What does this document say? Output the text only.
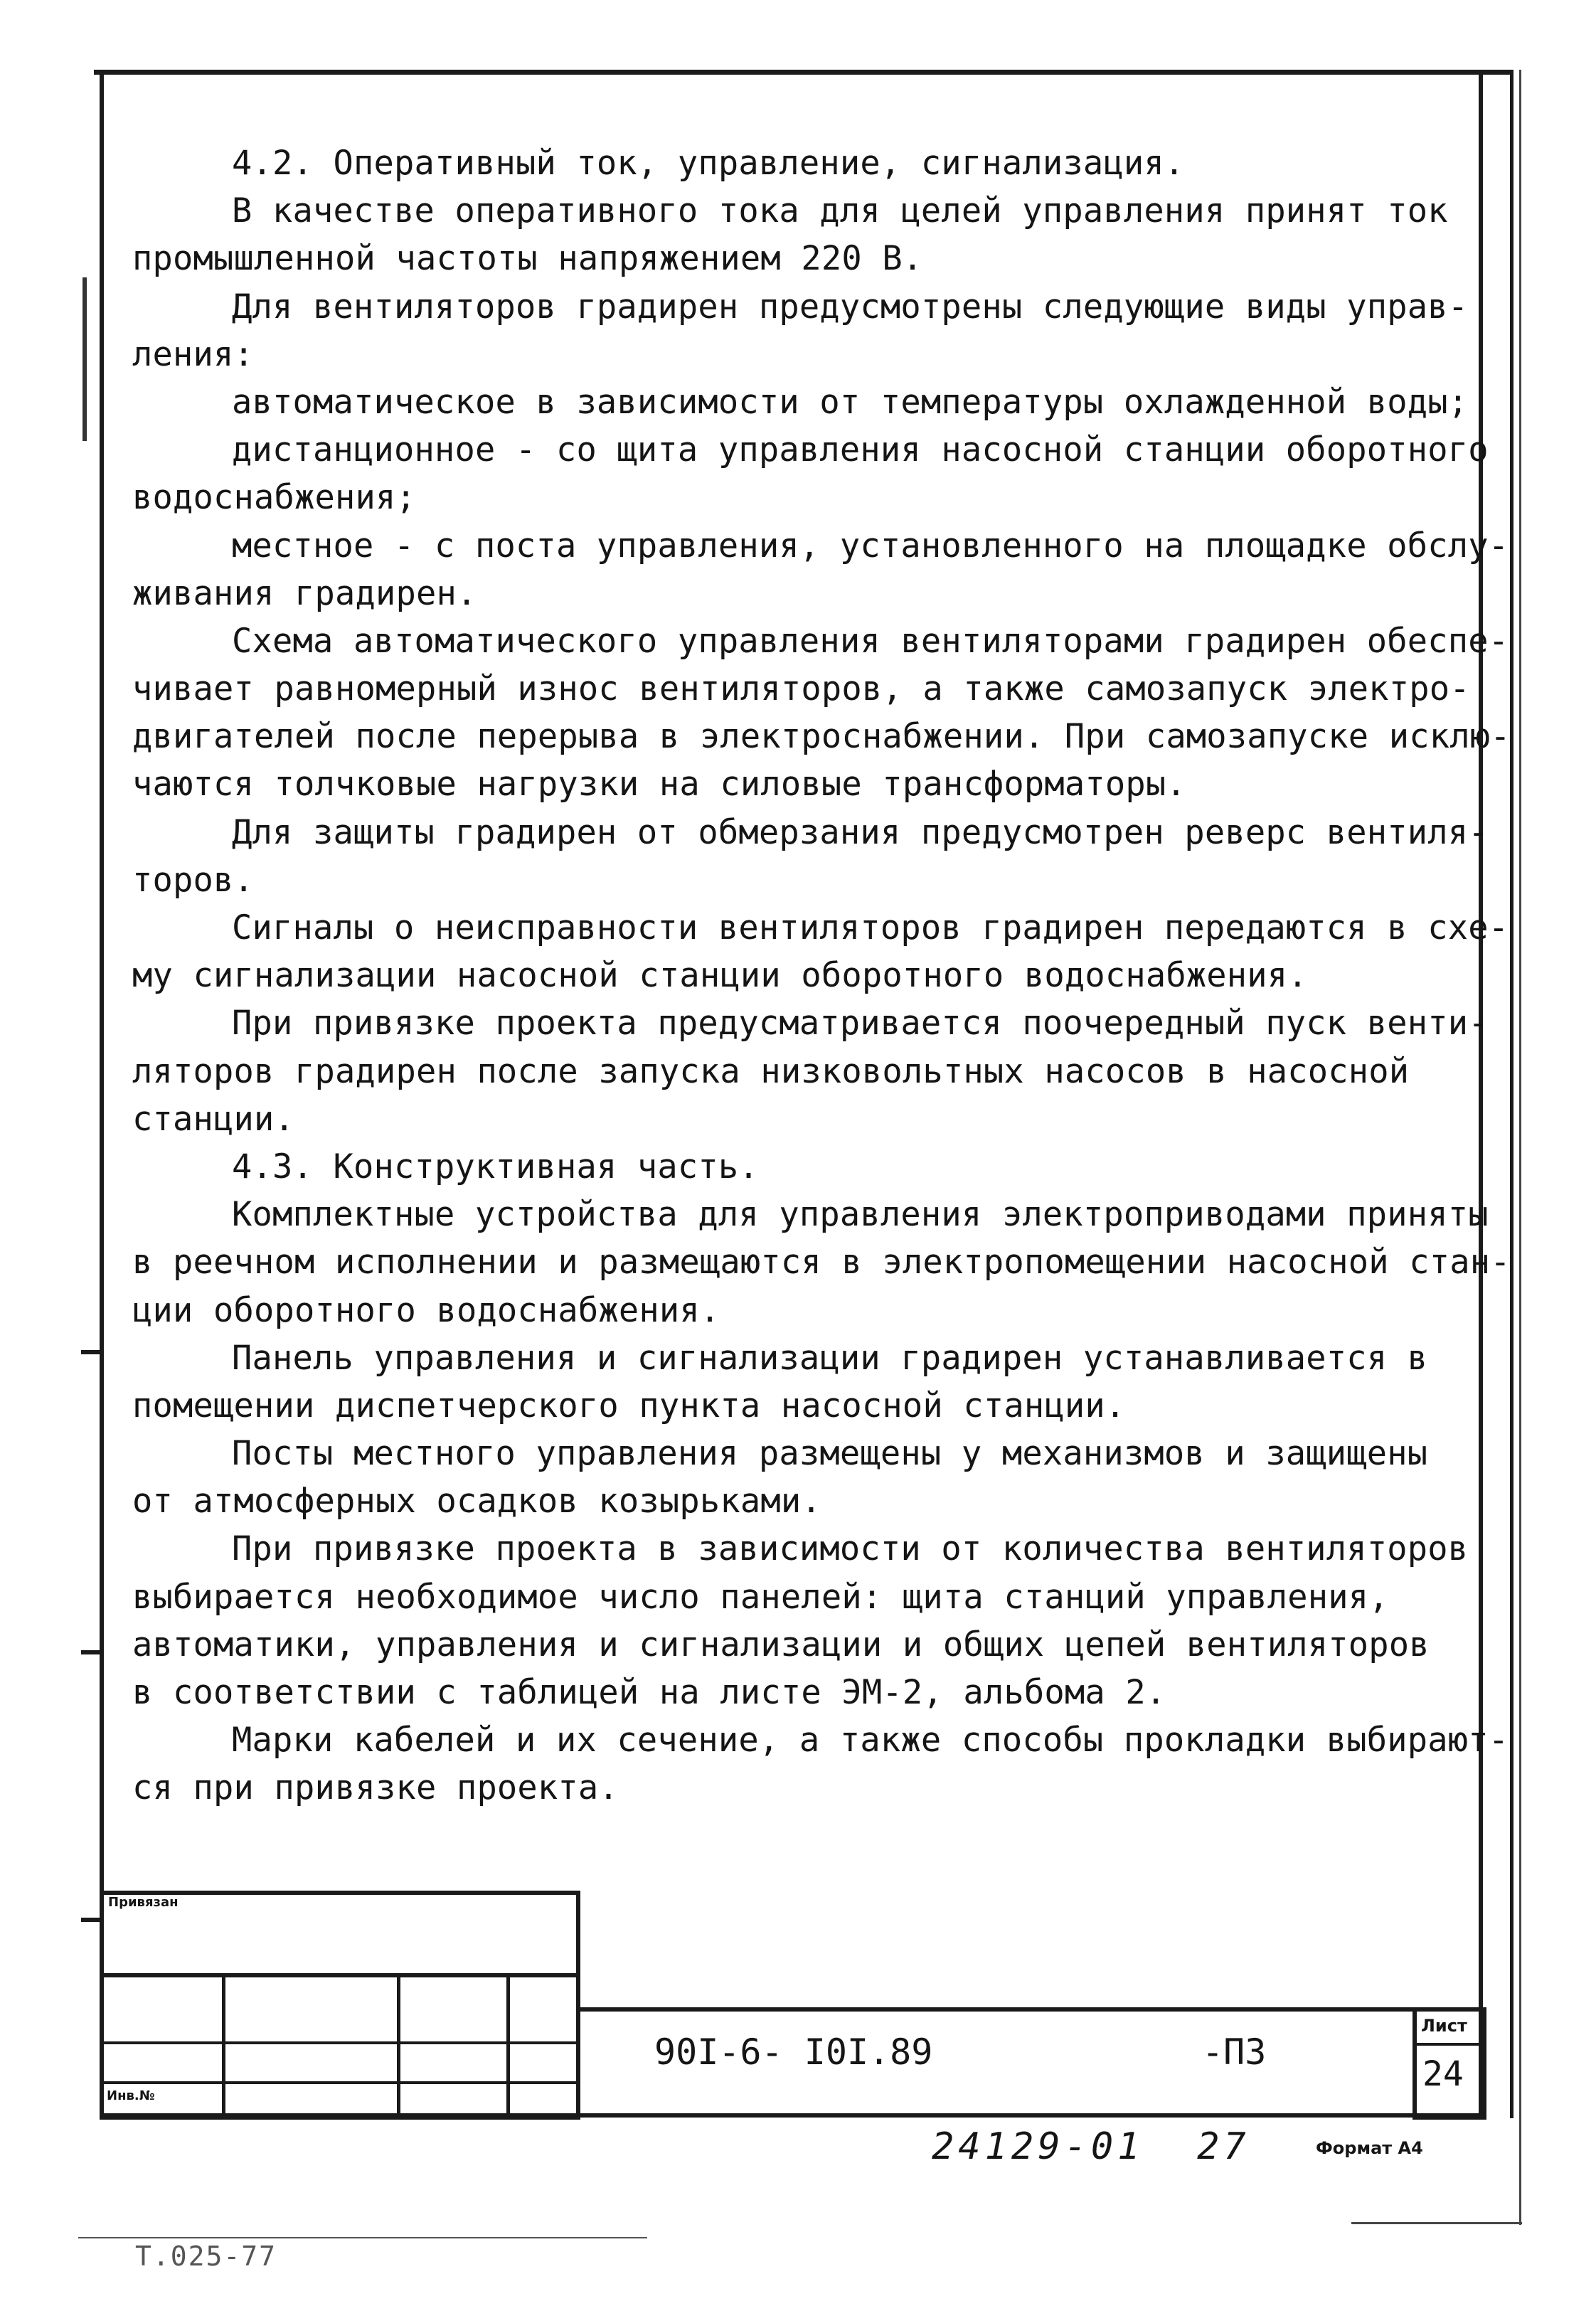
4.2. Оперативный ток, управление, сигнализация.
В качестве оперативного тока для целей управления принят ток
промышленной частоты напряжением 220 В.
Для вентиляторов градирен предусмотрены следующие виды управ-
ления:
автоматическое в зависимости от температуры охлажденной воды;
дистанционное - со щита управления насосной станции оборотного
водоснабжения;
местное - с поста управления, установленного на площадке обслу-
живания градирен.
Схема автоматического управления вентиляторами градирен обеспе-
чивает равномерный износ вентиляторов, а также самозапуск электро-
двигателей после перерыва в электроснабжении. При самозапуске исклю-
чаются толчковые нагрузки на силовые трансформаторы.
Для защиты градирен от обмерзания предусмотрен реверс вентиля-
торов.
Сигналы о неисправности вентиляторов градирен передаются в схе-
му сигнализации насосной станции оборотного водоснабжения.
При привязке проекта предусматривается поочередный пуск венти-
ляторов градирен после запуска низковольтных насосов в насосной
станции.
4.3. Конструктивная часть.
Комплектные устройства для управления электроприводами приняты
в реечном исполнении и размещаются в электропомещении насосной стан-
ции оборотного водоснабжения.
Панель управления и сигнализации градирен устанавливается в
помещении диспетчерского пункта насосной станции.
Посты местного управления размещены у механизмов и защищены
от атмосферных осадков козырьками.
При привязке проекта в зависимости от количества вентиляторов
выбирается необходимое число панелей: щита станций управления,
автоматики, управления и сигнализации и общих цепей вентиляторов
в соответствии с таблицей на листе ЭМ-2, альбома 2.
Марки кабелей и их сечение, а также способы прокладки выбирают-
ся при привязке проекта.
Привязан
Инв.№
90I-6- I0I.89	-ПЗ
Лист
24
24129-01  27	Формат А4
Т.025-77
